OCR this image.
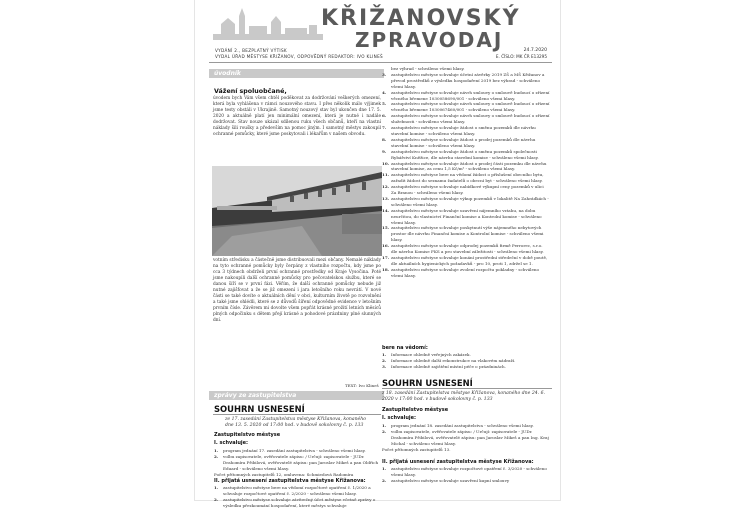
KŘIŽANOVSKÝ
ZPRAVODAJ
VYDÁNÍ 2., BEZPLATNÝ VÝTISK
VYDAL ÚŘAD MĚSTYSE KŘIŽANOV, ODPOVĚDNÝ REDAKTOR: IVO KLINEŠ
24.7.2020
E. ČÍSLO: MK ČR E13295
úvodník
Vážení spoluobčané,

úvodem bych Vám všem chtěl poděkovat za dodržování veškerých omezení, která byla vyhlášena v rámci nouzového stavu. I přes několik málo výjimek jsme testy obstáli v Ukrajině. Samotný nouzový stav byl ukončen dne 17. 5. 2020 a aktuálně platí jen minimální omezení, která je nutné i nadále dodržovat. Stav nouze ukázal sdílenou ruku všech občanů, kteří na vlastní náklady šili roušky a především na pomoc jiným. I samotný městys zakoupil ochranné pomůcky, které jsme poskytovali i lékařům v našem obvodu.

votním středisku a částečně jsme distribuovali mezi občany. Nemalé náklady na tyto ochranné pomůcky byly čerpány z vlastního rozpočtu, kdy jsme po cca 3 týdnech obdrželi první ochranné prostředky od Kraje Vysočina. Poté jsme nakoupili další ochranné pomůcky pro pečovatelskou službu, které se danou šíří se v první fázi. Věřím, že další ochranné pomůcky nebude již nutné zajišťovat a že se již omezení i jara letošního roku nevrátí. V nové části se také dovíte o aktuálních dění v obci, kulturním životě po rozvolnění a také jsme ohlédli, které se z důvodů šíření odpovědné evidence v letošním prvním čísle. Závěrem mi dovolte všem popřát krásné prožití letních měsíců plných odpočinku s dětem přejí krásné a pohodové prázdniny plné slunných dní.

TEXT: Ivo Klineš
zprávy ze zastupitelstva
SOUHRN USNESENÍ
ze 17. zasedání Zastupitelstva městyse Křižanova, konaného dne 13. 5. 2020 od 17:00 hod. v budově sokolovny č. p. 133
Zastupitelstvo městyse
I. schvaluje:
1. program jednání 17. zasedání zastupitelstva - schváleno všemi hlasy.
2. volbu zapisovatele, ověřovatele zápisu: / Určují: zapisovatele - JUDr. Drahomíra Přibilová, ověřovatelé zápisu: pan Jaroslav Mikeš a pan Oldřich Eduard - schváleno všemi hlasy.
Počet přítomných zastupitelů 12, omluvena: Schmiedová Radomíra
II. přijatá usnesení zastupitelstva městyse Křižanova:
1. zastupitelstvo městyse bere na vědomí rozpočtové opatření č. 1/2020 a schvaluje rozpočtové opatření č. 2/2020 - schváleno všemi hlasy.
2. zastupitelstvo městyse schvaluje závěrečný účet městyse včetně zprávy o výsledku přezkoumání hospodaření, které městys schvaluje
bez výhrad - schváleno všemi hlasy.
3. zastupitelstvo městyse schvaluje účetní závěrky 2019 ZŠ a MŠ Křižanov a převod prostředků z výsledku hospodaření 2019 bez výhrad - schváleno všemi hlasy.
4. zastupitelstvo městyse schvaluje návrh smlouvy o smlouvě budoucí o zřízení věcného břemene 1030058690/001 - schváleno všemi hlasy.
5. zastupitelstvo městyse schvaluje návrh smlouvy o smlouvě budoucí o zřízení věcného břemene 1030067460/001 - schváleno všemi hlasy.
6. zastupitelstvo městyse schvaluje návrh smlouvy o smlouvě budoucí o zřízení služebnosti - schváleno všemi hlasy.
7. zastupitelstvo městyse schvaluje žádost o směnu pozemků dle návrhu stavební komise - schváleno všemi hlasy.
8. zastupitelstvo městyse schvaluje žádost o prodej pozemků dle návrhu stavební komise - schváleno všemi hlasy.
9. zastupitelstvo městyse schvaluje žádost o směnu pozemků společnosti Rybářství Kněžice, dle návrhu stavební komise - schváleno všemi hlasy.
10. zastupitelstvo městyse schvaluje žádost o prodej části pozemku dle návrhu stavební komise, za cenu 1,5 Kč/m² - schváleno všemi hlasy.
11. zastupitelstvo městyse bere na vědomí žádost o příslušení obecního bytu, zařadit žádost do seznamu žadatelů o obecní byt - schváleno všemi hlasy.
12. zastupitelstvo městyse schvaluje nabídkové výkupní ceny pozemků v ulici Za Branou - schváleno všemi hlasy.
13. zastupitelstvo městyse schvaluje výkup pozemků v lokalitě Na Zahrádkách - schváleno všemi hlasy.
14. zastupitelstvo městyse schvaluje uzavření nájemního vztahu, na dobu neurčitou, do vlastnictví Finanční komise a Kontrolní komise - schváleno všemi hlasy.
15. zastupitelstvo městyse schvaluje poskytnutí výše nájemného nebytových prostor dle návrhu Finanční komise a Kontrolní komise - schváleno všemi hlasy.
16. zastupitelstvo městyse schvaluje odprodej pozemků firmě Perrorec, s.r.o. dle návrhu Komise FKS a pro stavební záležitosti - schváleno všemi hlasy.
17. zastupitelstvo městyse schvaluje konání prostřední středeční v době poutě, dle aktuálních hygienických požadavků - pro 10, proti 1, zdržel se 1.
18. zastupitelstvo městyse schvaluje zvolení rozpočtu pokladny - schváleno všemi hlasy.
bere na vědomí:
1. Informace ohledně veřejných zakázek.
2. Informace ohledně další rekonstrukce na vlakovém nádraží.
3. Informace ohledně zajištění místní péče o prázdninách.
SOUHRN USNESENÍ
z 18. zasedání Zastupitelstva městyse Křižanova, konaného dne 24. 6. 2020 v 17:00 hod. v budově sokolovny č. p. 133
Zastupitelstvo městyse
I. schvaluje:
1. program jednání 18. zasedání zastupitelstva - schváleno všemi hlasy.
2. volbu zapisovatele, ověřovatele zápisu: / Určují: zapisovatele - JUDr. Drahomíra Přibilová, ověřovatelé zápisu: pan Jaroslav Mikeš a pan Ing. Kraj Michal - schváleno všemi hlasy.
Počet přítomných zastupitelů 13.
II. přijatá usnesení zastupitelstva městyse Křižanova:
1. zastupitelstvo městyse schvaluje rozpočtové opatření č. 3/2020 - schváleno všemi hlasy.
2. zastupitelstvo městyse schvaluje uzavření kupní smlouvy
